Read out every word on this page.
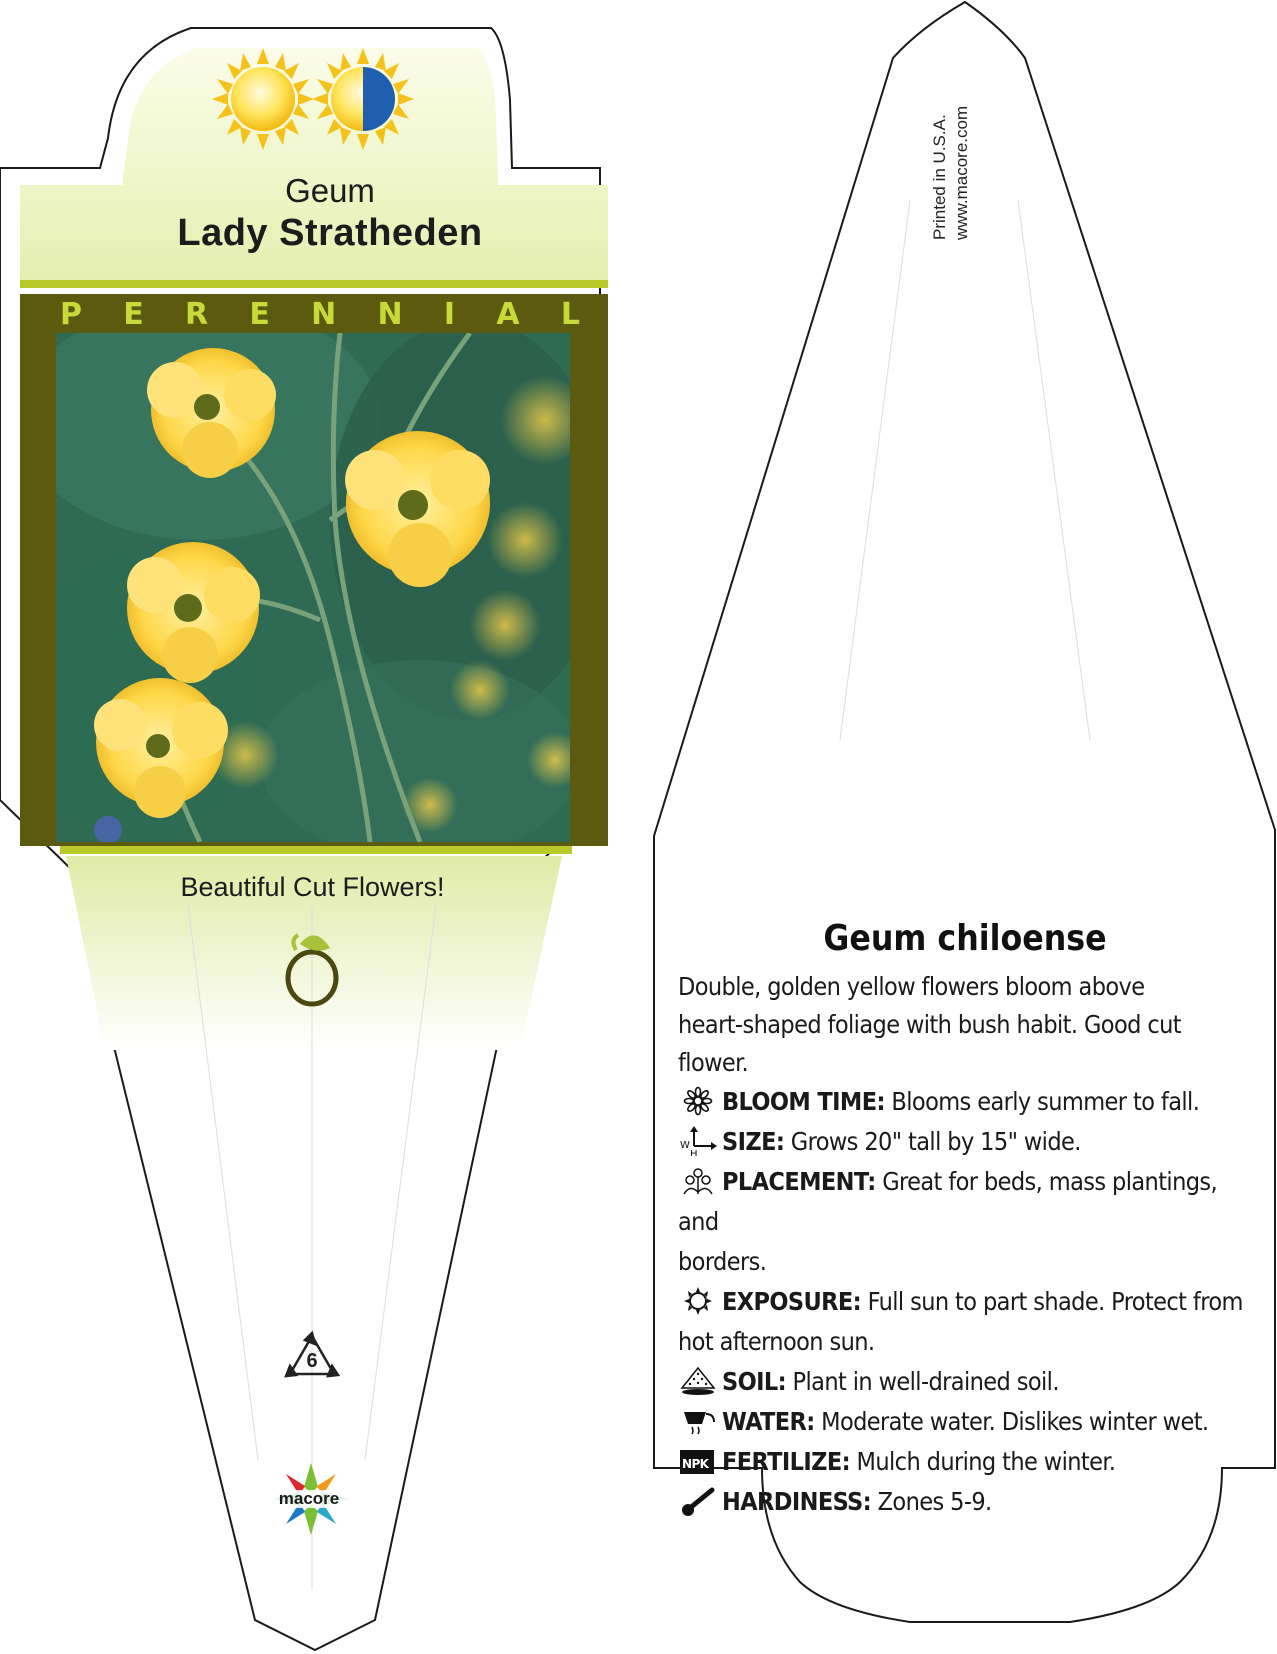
Geum
Lady Stratheden
P E R E N N I A L
Beautiful Cut Flowers!
6
macore
Printed in U.S.A. www.macore.com
Geum chiloense
Double, golden yellow flowers bloom above
heart-shaped foliage with bush habit. Good cut flower.
BLOOM TIME: Blooms early summer to fall.
W
H SIZE: Grows 20" tall by 15" wide.
PLACEMENT: Great for beds, mass plantings, and
borders.
EXPOSURE: Full sun to part shade. Protect from
hot afternoon sun.
SOIL: Plant in well-drained soil.
WATER: Moderate water. Dislikes winter wet.
NPK FERTILIZE: Mulch during the winter.
HARDINESS: Zones 5-9.
